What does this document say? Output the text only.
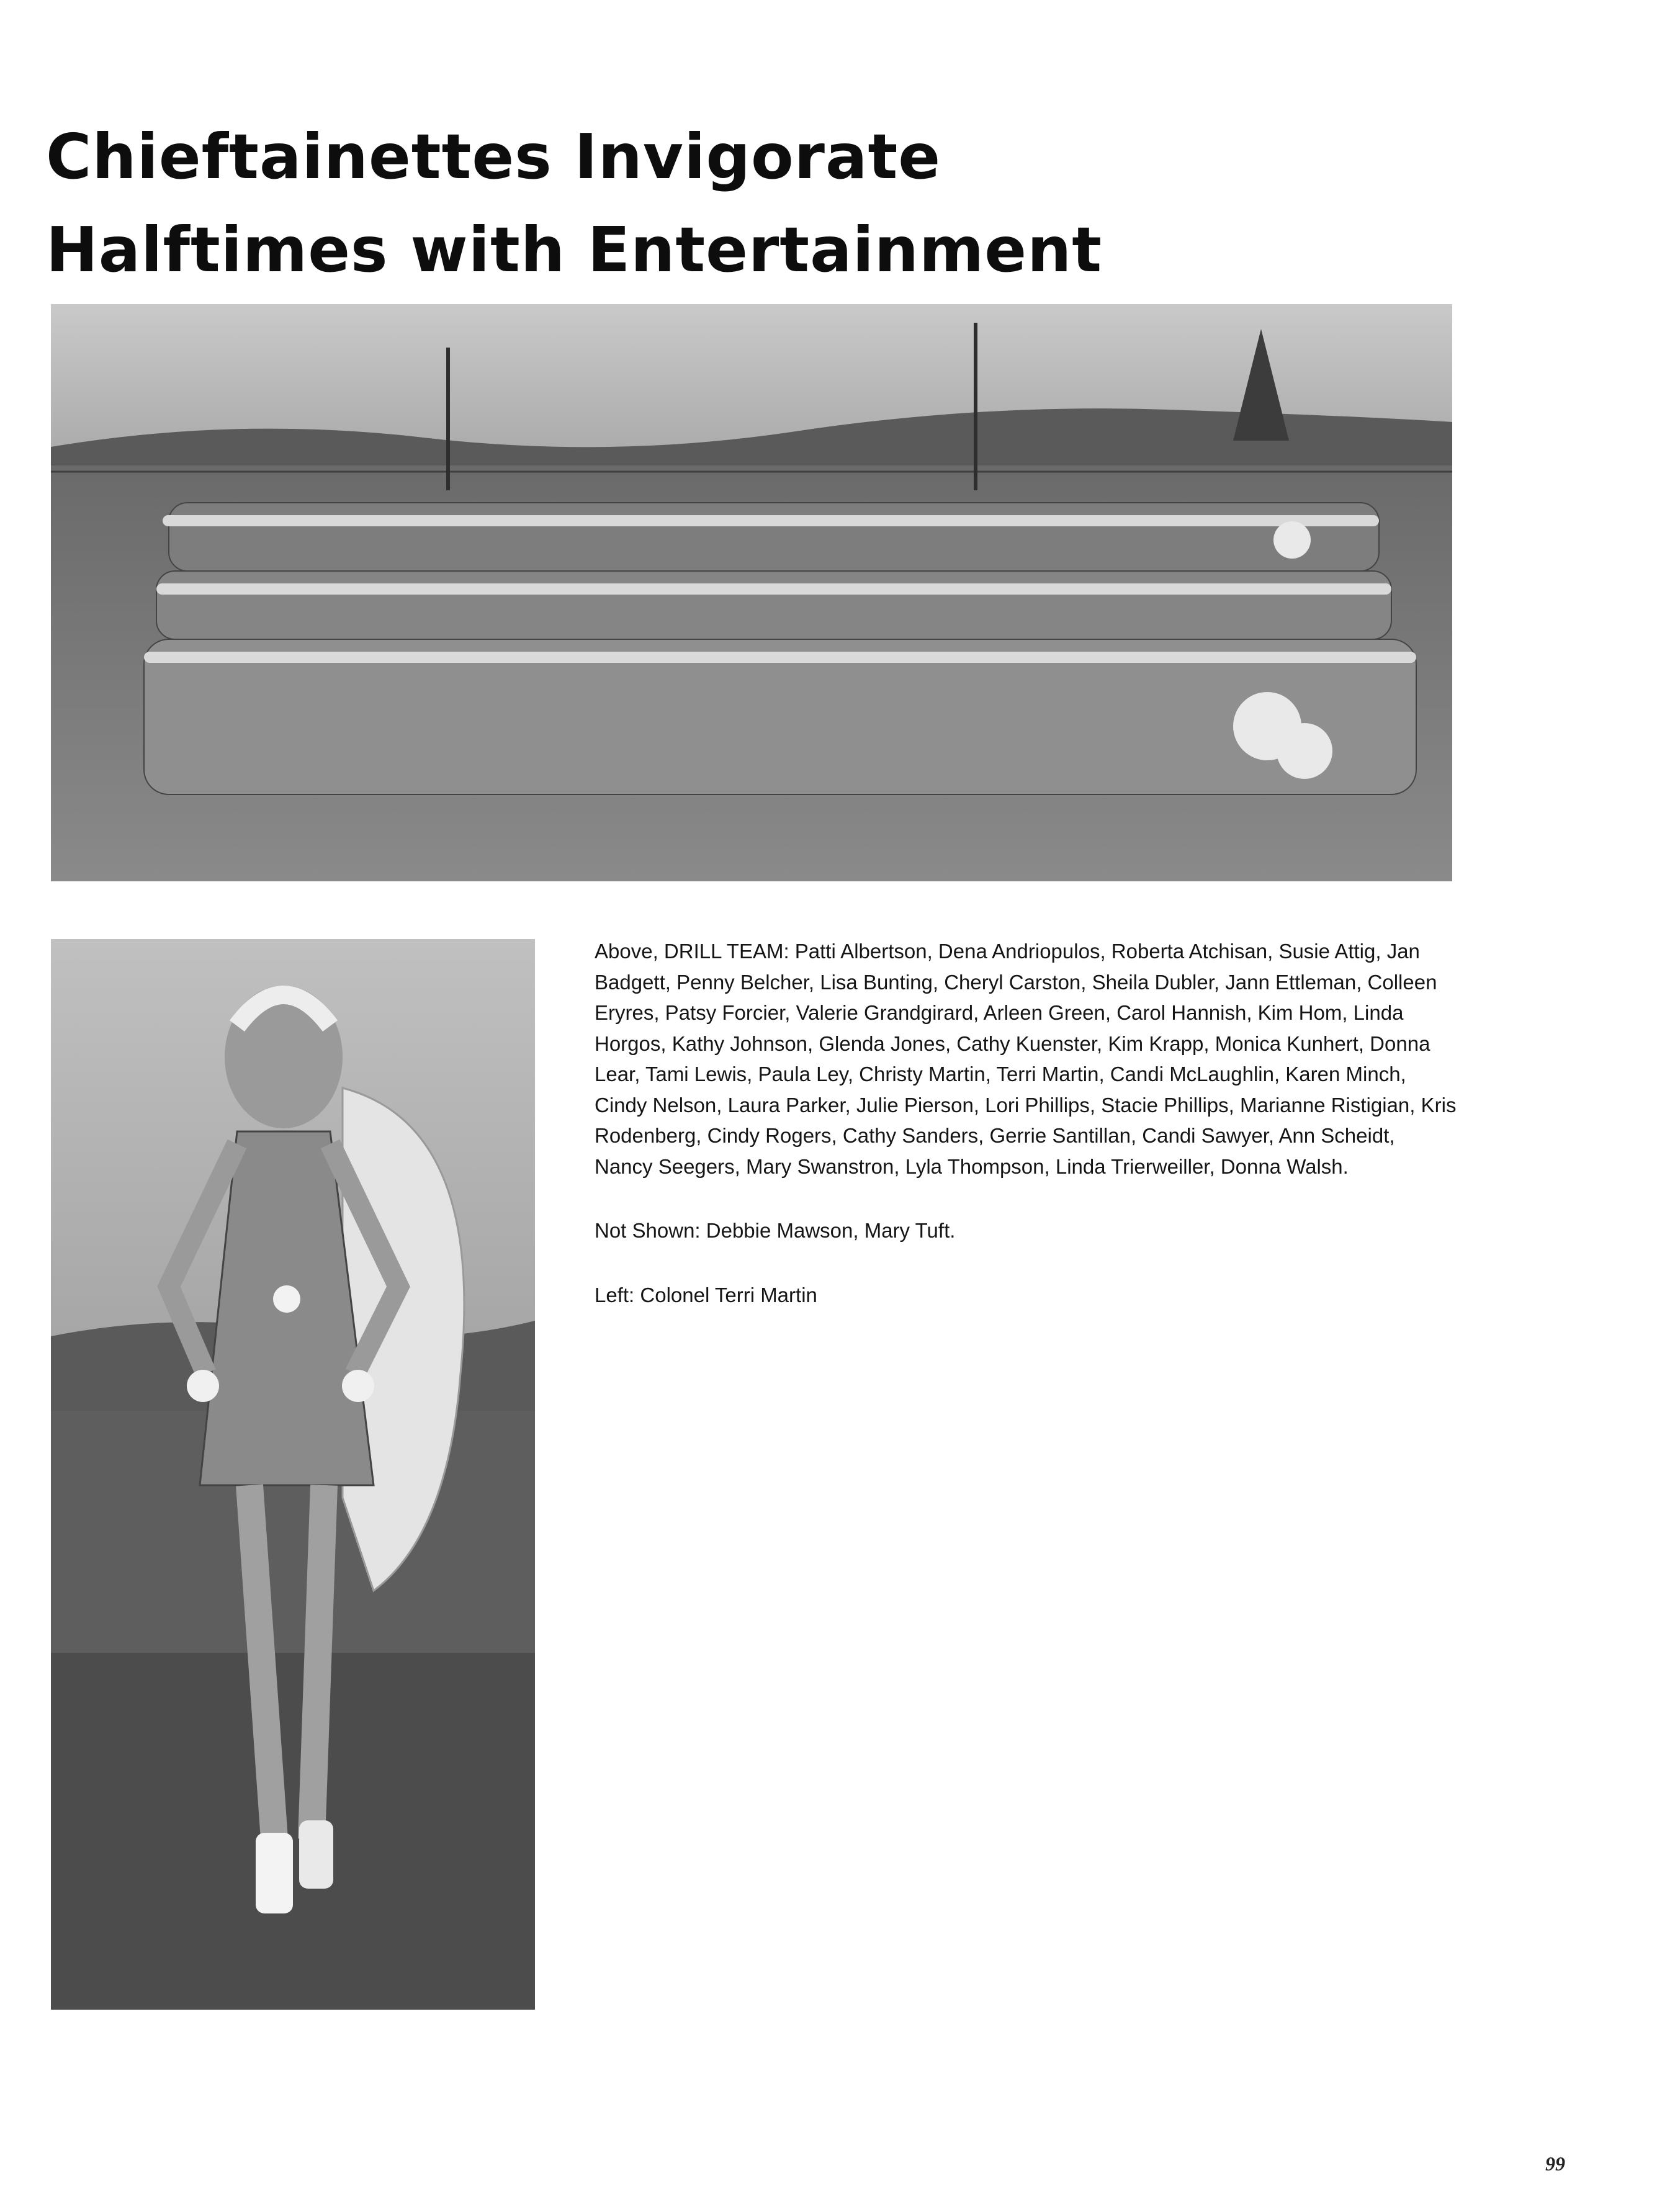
Chieftainettes Invigorate Halftimes with Entertainment

Above, DRILL TEAM: Patti Albertson, Dena Andriopulos, Roberta Atchisan, Susie Attig, Jan Badgett, Penny Belcher, Lisa Bunting, Cheryl Carston, Sheila Dubler, Jann Ettleman, Colleen Eryres, Patsy Forcier, Valerie Grandgirard, Arleen Green, Carol Hannish, Kim Hom, Linda Horgos, Kathy Johnson, Glenda Jones, Cathy Kuenster, Kim Krapp, Monica Kunhert, Donna Lear, Tami Lewis, Paula Ley, Christy Martin, Terri Martin, Candi McLaughlin, Karen Minch, Cindy Nelson, Laura Parker, Julie Pierson, Lori Phillips, Stacie Phillips, Marianne Ristigian, Kris Rodenberg, Cindy Rogers, Cathy Sanders, Gerrie Santillan, Candi Sawyer, Ann Scheidt, Nancy Seegers, Mary Swanstron, Lyla Thompson, Linda Trierweiller, Donna Walsh.

Not Shown: Debbie Mawson, Mary Tuft.

Left: Colonel Terri Martin

99
